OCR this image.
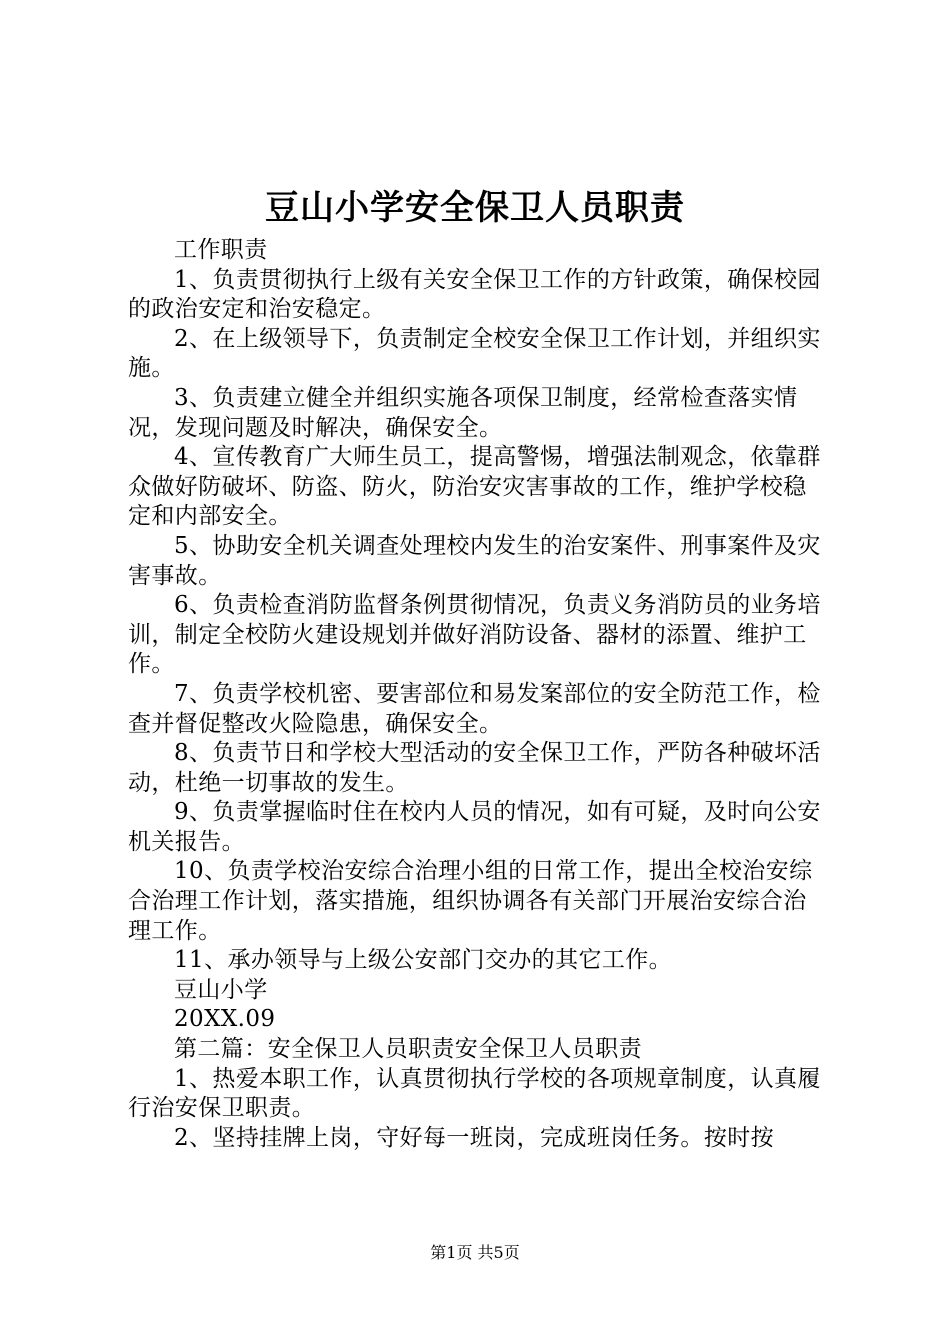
豆山小学安全保卫人员职责

工作职责

1、负责贯彻执行上级有关安全保卫工作的方针政策，确保校园的政治安定和治安稳定。

2、在上级领导下，负责制定全校安全保卫工作计划，并组织实施。

3、负责建立健全并组织实施各项保卫制度，经常检查落实情况，发现问题及时解决，确保安全。

4、宣传教育广大师生员工，提高警惕，增强法制观念，依靠群众做好防破坏、防盗、防火，防治安灾害事故的工作，维护学校稳定和内部安全。

5、协助安全机关调查处理校内发生的治安案件、刑事案件及灾害事故。

6、负责检查消防监督条例贯彻情况，负责义务消防员的业务培训，制定全校防火建设规划并做好消防设备、器材的添置、维护工作。

7、负责学校机密、要害部位和易发案部位的安全防范工作，检查并督促整改火险隐患，确保安全。

8、负责节日和学校大型活动的安全保卫工作，严防各种破坏活动，杜绝一切事故的发生。

9、负责掌握临时住在校内人员的情况，如有可疑，及时向公安机关报告。

10、负责学校治安综合治理小组的日常工作，提出全校治安综合治理工作计划，落实措施，组织协调各有关部门开展治安综合治理工作。

11、承办领导与上级公安部门交办的其它工作。

豆山小学

20XX.09

第二篇：安全保卫人员职责安全保卫人员职责

1、热爱本职工作，认真贯彻执行学校的各项规章制度，认真履行治安保卫职责。

2、坚持挂牌上岗，守好每一班岗，完成班岗任务。按时按

第1页 共5页
